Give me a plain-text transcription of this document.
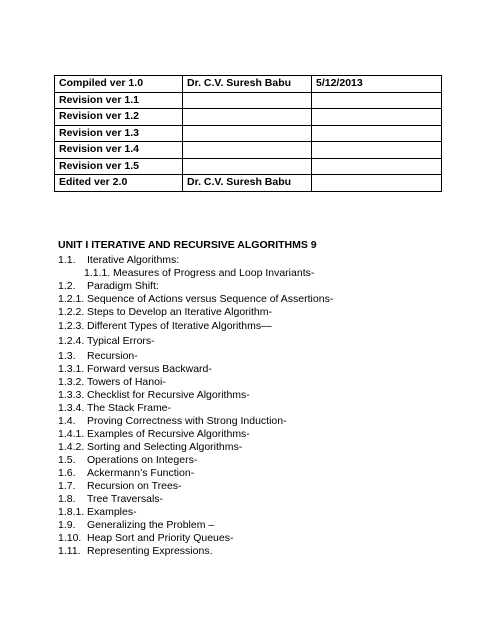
Compiled ver 1.0	Dr. C.V. Suresh Babu	5/12/2013
Revision ver 1.1		
Revision ver 1.2		
Revision ver 1.3		
Revision ver 1.4		
Revision ver 1.5		
Edited ver 2.0	Dr. C.V. Suresh Babu	
UNIT I ITERATIVE AND RECURSIVE ALGORITHMS 9
1.1. Iterative Algorithms:
1.1.1. Measures of Progress and Loop Invariants-
1.2. Paradigm Shift:
1.2.1. Sequence of Actions versus Sequence of Assertions-
1.2.2. Steps to Develop an Iterative Algorithm-
1.2.3. Different Types of Iterative Algorithms—
1.2.4. Typical Errors-
1.3. Recursion-
1.3.1. Forward versus Backward-
1.3.2. Towers of Hanoi-
1.3.3. Checklist for Recursive Algorithms-
1.3.4. The Stack Frame-
1.4. Proving Correctness with Strong Induction-
1.4.1. Examples of Recursive Algorithms-
1.4.2. Sorting and Selecting Algorithms-
1.5. Operations on Integers-
1.6. Ackermann’s Function-
1.7. Recursion on Trees-
1.8. Tree Traversals-
1.8.1. Examples-
1.9. Generalizing the Problem –
1.10. Heap Sort and Priority Queues-
1.11. Representing Expressions.
